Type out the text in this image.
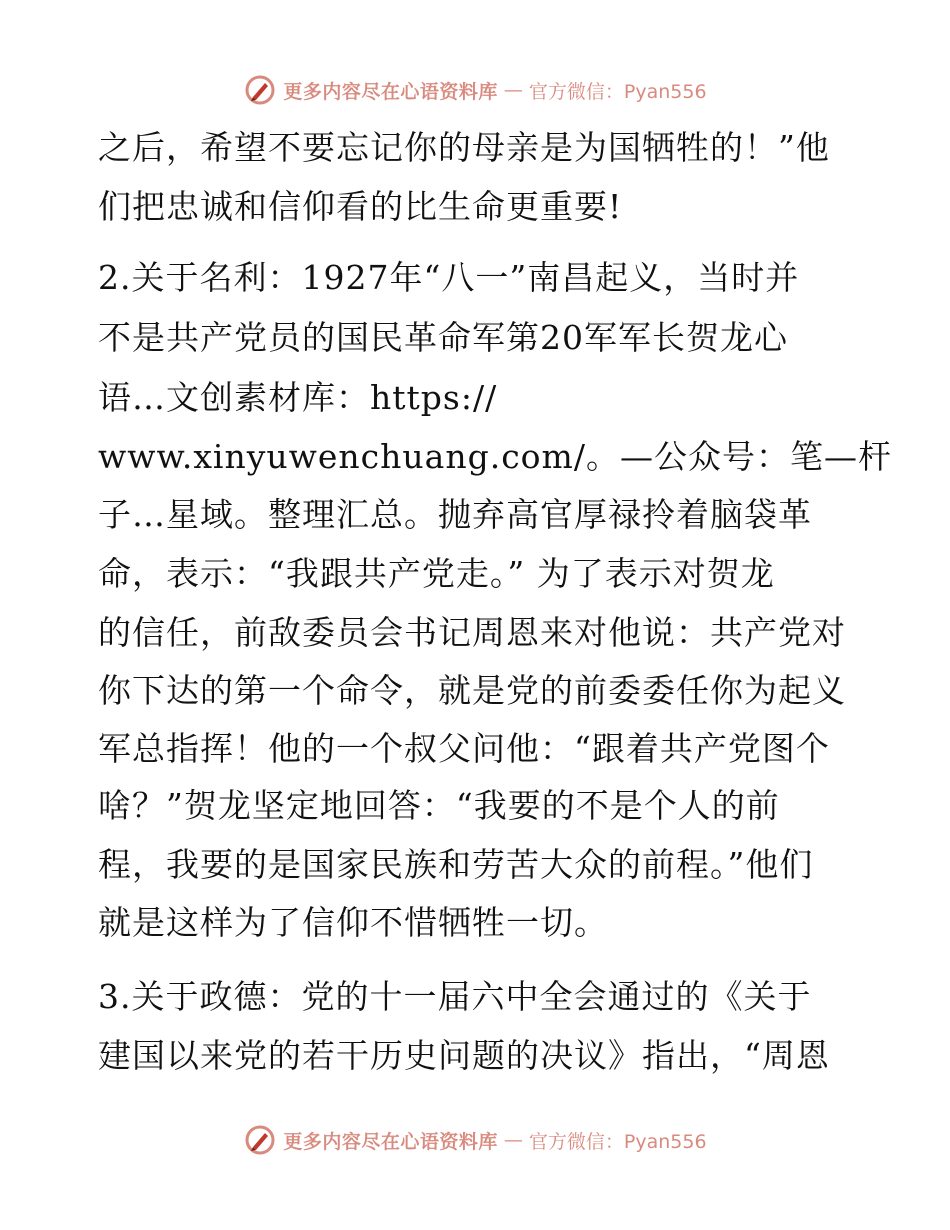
更多内容尽在心语资料库 — 官方微信：Pyan556
之后，希望不要忘记你的母亲是为国牺牲的！”他
们把忠诚和信仰看的比生命更重要!
2.关于名利：1927年“八一”南昌起义，当时并
不是共产党员的国民革命军第20军军长贺龙心
语…文创素材库：https://
www.xinyuwenchuang.com/。—公众号：笔—杆
子…星域。整理汇总。抛弃高官厚禄拎着脑袋革
命，表示：“我跟共产党走。” 为了表示对贺龙
的信任，前敌委员会书记周恩来对他说：共产党对
你下达的第一个命令，就是党的前委委任你为起义
军总指挥！他的一个叔父问他：“跟着共产党图个
啥？”贺龙坚定地回答：“我要的不是个人的前
程，我要的是国家民族和劳苦大众的前程。”他们
就是这样为了信仰不惜牺牲一切。
3.关于政德：党的十一届六中全会通过的《关于
建国以来党的若干历史问题的决议》指出，“周恩
更多内容尽在心语资料库 — 官方微信：Pyan556
